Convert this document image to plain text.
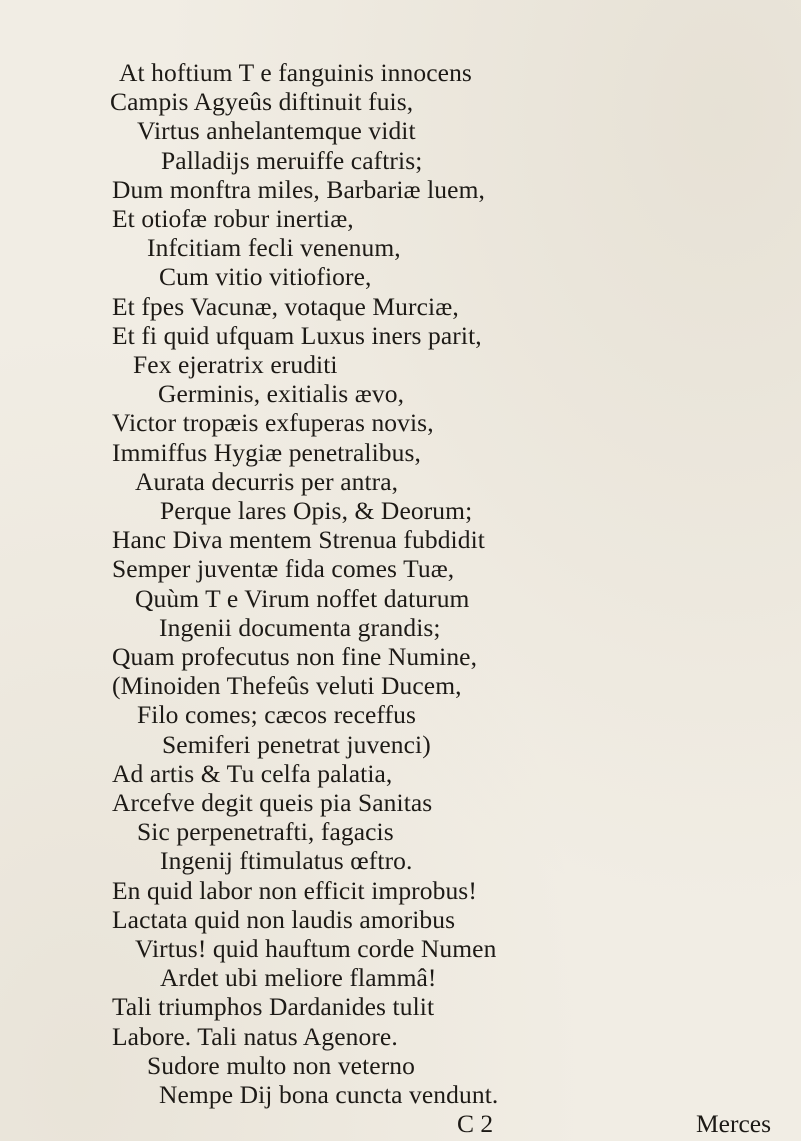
At hoftium T e fanguinis innocens
Campis Agyeûs diftinuit fuis,
Virtus anhelantemque vidit
Palladijs meruiffe caftris;
Dum monftra miles, Barbariæ luem,
Et otiofæ robur inertiæ,
Infcitiam fecli venenum,
Cum vitio vitiofiore,
Et fpes Vacunæ, votaque Murciæ,
Et fi quid ufquam Luxus iners parit,
Fex ejeratrix eruditi
Germinis, exitialis ævo,
Victor tropæis exfuperas novis,
Immiffus Hygiæ penetralibus,
Aurata decurris per antra,
Perque lares Opis, & Deorum;
Hanc Diva mentem Strenua fubdidit
Semper juventæ fida comes Tuæ,
Quùm T e Virum noffet daturum
Ingenii documenta grandis;
Quam profecutus non fine Numine,
(Minoiden Thefeûs veluti Ducem,
Filo comes; cæcos receffus
Semiferi penetrat juvenci)
Ad artis & Tu celfa palatia,
Arcefve degit queis pia Sanitas
Sic perpenetrafti, fagacis
Ingenij ftimulatus œftro.
En quid labor non efficit improbus!
Lactata quid non laudis amoribus
Virtus! quid hauftum corde Numen
Ardet ubi meliore flammâ!
Tali triumphos Dardanides tulit
Labore. Tali natus Agenore.
Sudore multo non veterno
Nempe Dij bona cuncta vendunt.
C 2	Merces
